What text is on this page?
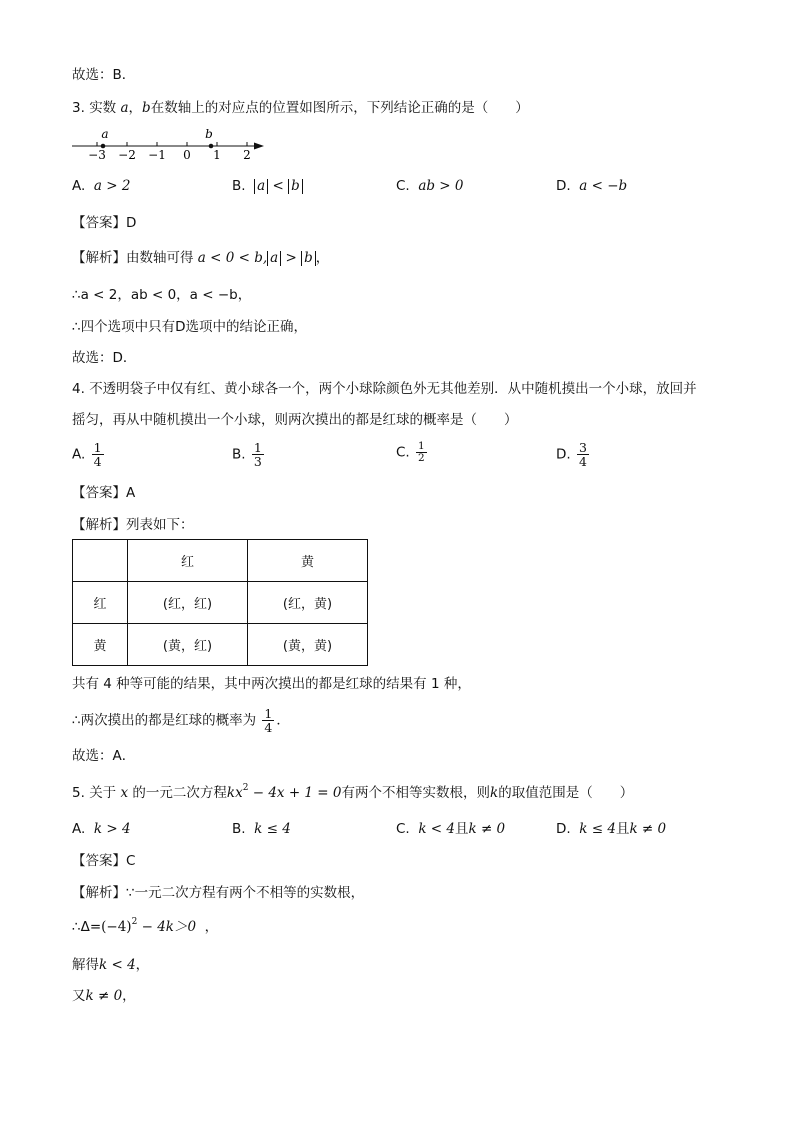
故选：B．
3. 实数 a，b在数轴上的对应点的位置如图所示，下列结论正确的是（　　）
−3 −2 −1 0 1 2
a	b
A. a > 2	B. a < b	C. ab > 0	D. a < −b
【答案】D
【解析】由数轴可得 a < 0 < b, a > b ，
∴a < 2，ab < 0，a < −b，
∴四个选项中只有D选项中的结论正确，
故选：D．
4. 不透明袋子中仅有红、黄小球各一个，两个小球除颜色外无其他差别．从中随机摸出一个小球，放回并
摇匀，再从中随机摸出一个小球，则两次摸出的都是红球的概率是（　　）
A. $\frac{1}{4}$	B. $\frac{1}{3}$	C. $\frac{1}{2}$	D. $\frac{3}{4}$
【答案】A
【解析】列表如下：
	红	黄
红	(红，红)	(红，黄)
黄	(黄，红)	(黄，黄)
共有 4 种等可能的结果，其中两次摸出的都是红球的结果有 1 种，
∴两次摸出的都是红球的概率为 $\frac{1}{4}$ ．
故选：A．
5. 关于 x 的一元二次方程$kx^2 - 4x + 1 = 0$有两个不相等实数根，则k的取值范围是（　　）
A. k > 4	B. k ≤ 4	C. k < 4且k ≠ 0	D. k ≤ 4且k ≠ 0
【答案】C
【解析】∵一元二次方程有两个不相等的实数根，
$\therefore\Delta=(-4)^2 - 4k>0$ ，
解得k < 4，
又k ≠ 0，
